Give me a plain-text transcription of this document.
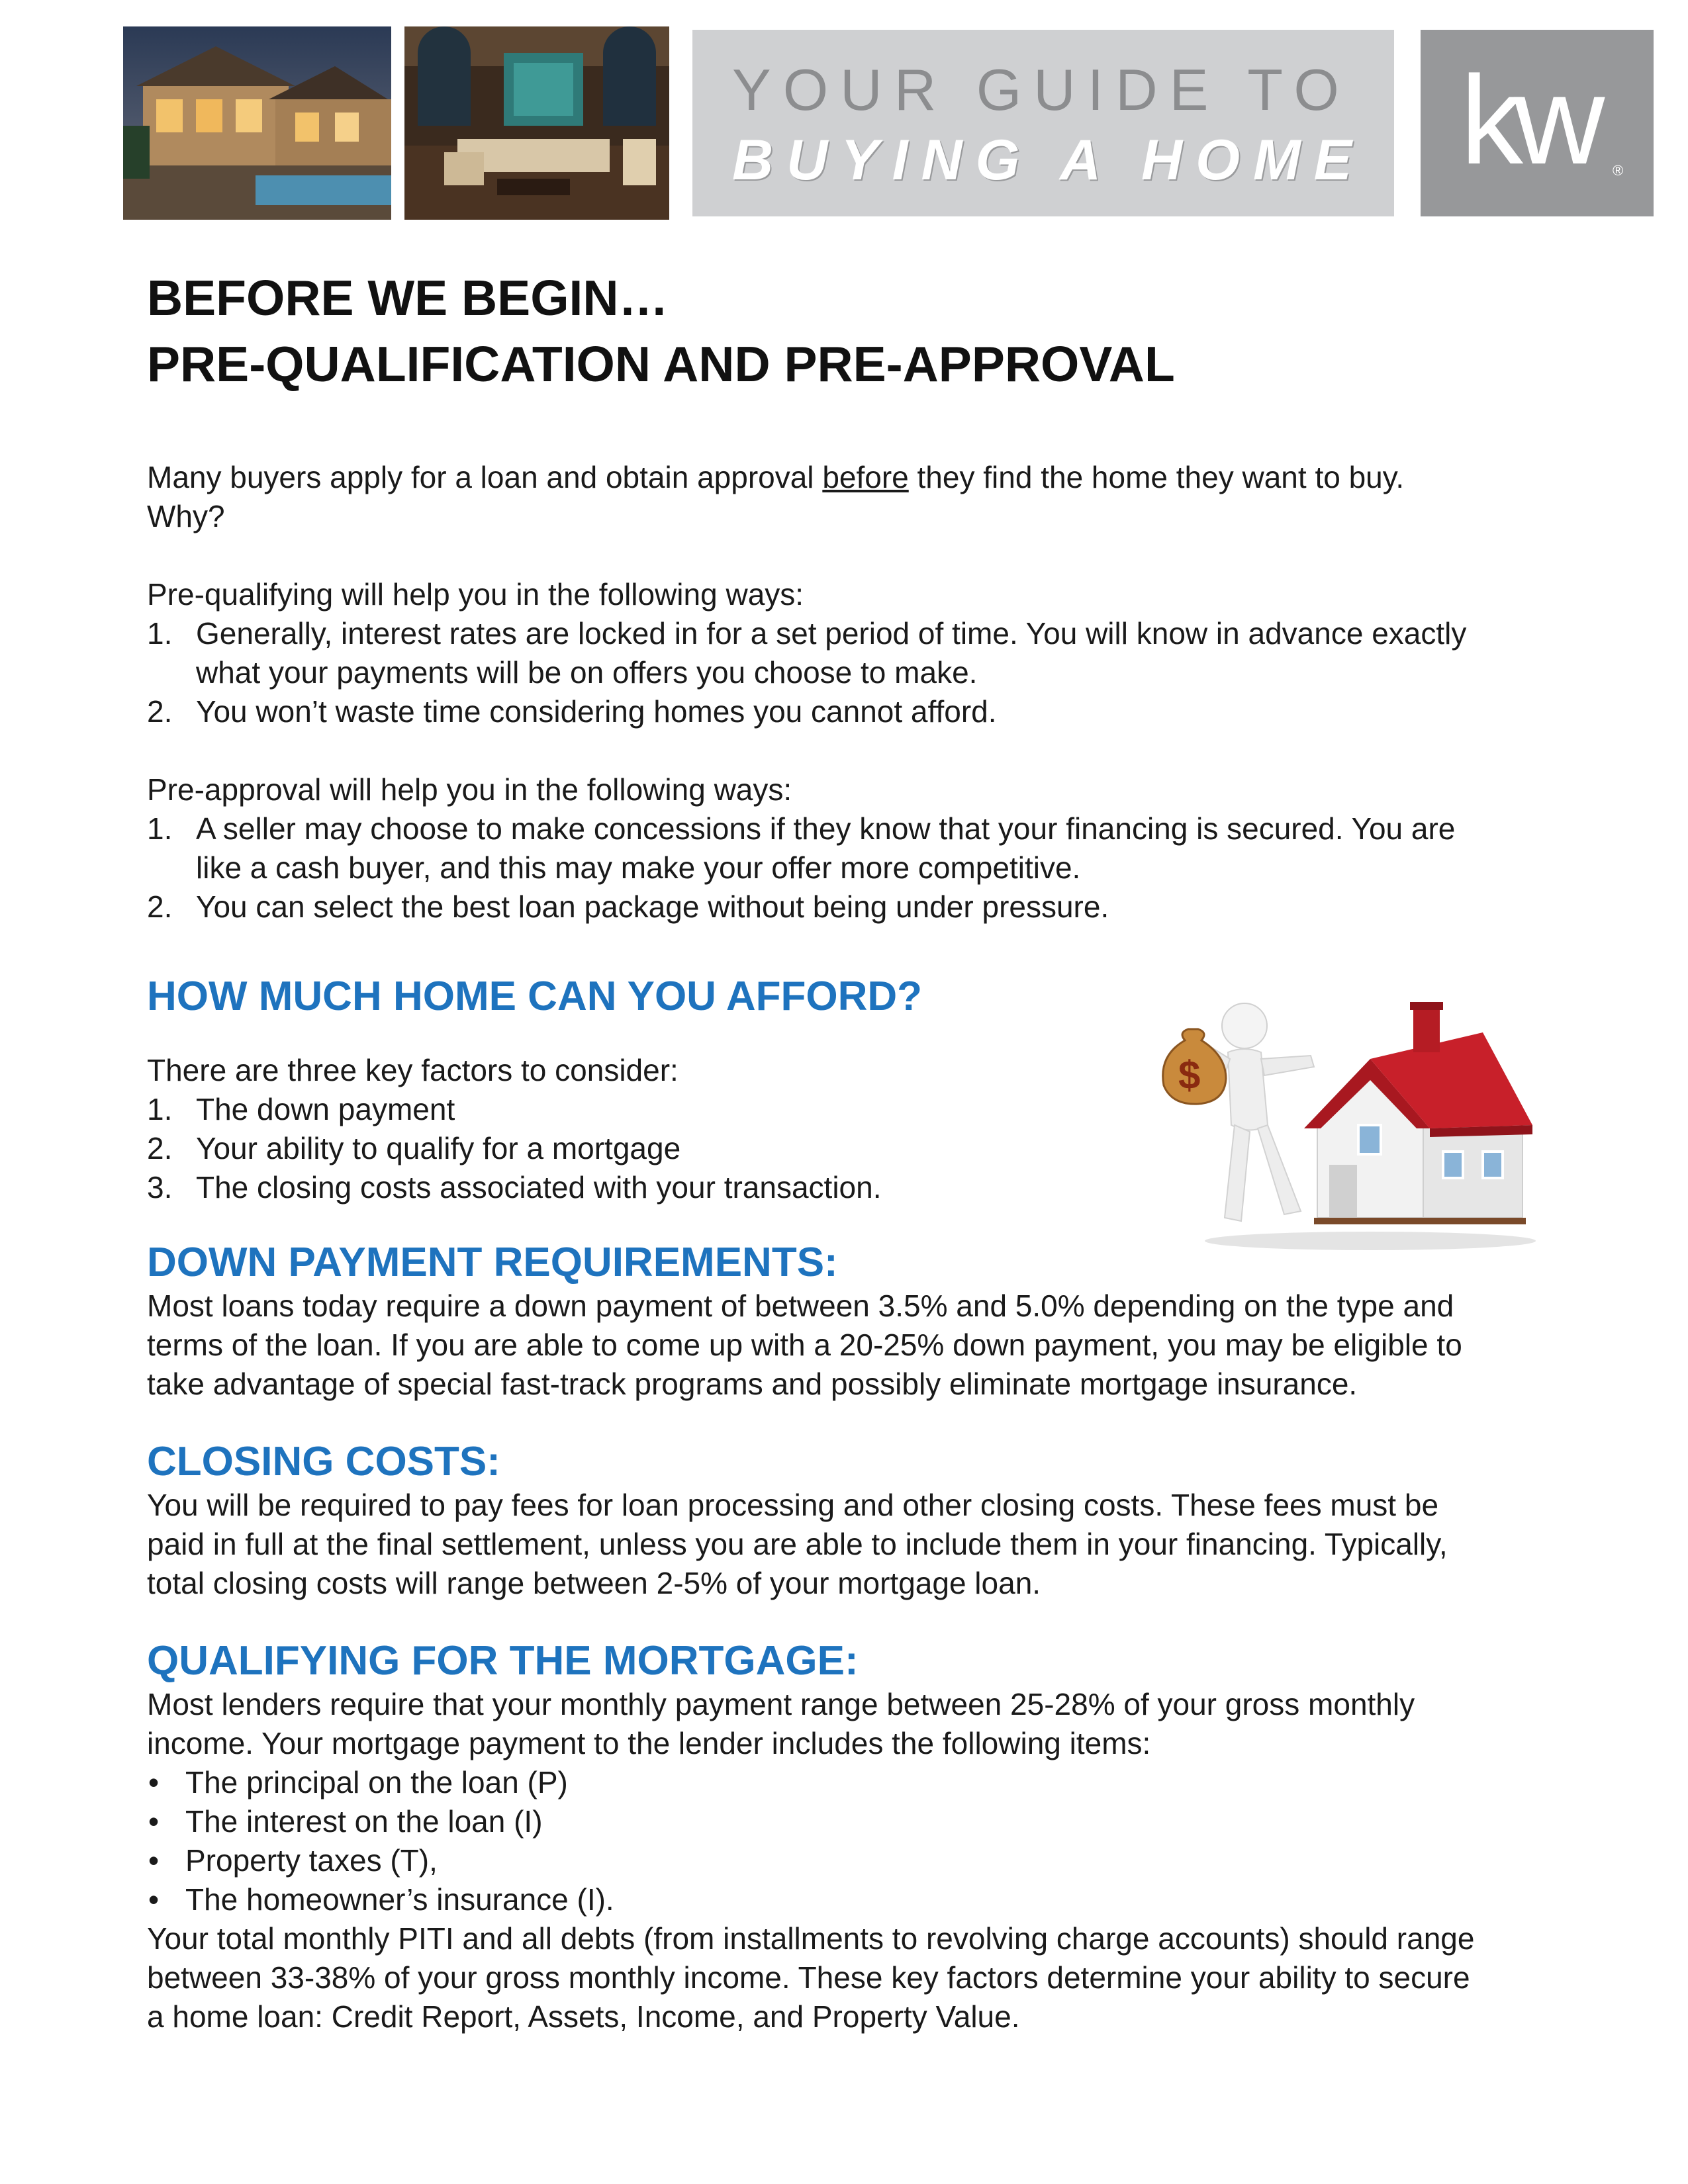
YOUR GUIDE TO
BUYING A HOME kw ®
BEFORE WE BEGIN…
PRE-QUALIFICATION AND PRE-APPROVAL

Many buyers apply for a loan and obtain approval before they find the home they want to buy.

Why?

Pre-qualifying will help you in the following ways:

1. Generally, interest rates are locked in for a set period of time. You will know in advance exactly
what your payments will be on offers you choose to make.
2. You won’t waste time considering homes you cannot afford.

Pre-approval will help you in the following ways:

1. A seller may choose to make concessions if they know that your financing is secured. You are
like a cash buyer, and this may make your offer more competitive.
2. You can select the best loan package without being under pressure.
HOW MUCH HOME CAN YOU AFFORD?

There are three key factors to consider:

1. The down payment
2. Your ability to qualify for a mortgage
3. The closing costs associated with your transaction.
DOWN PAYMENT REQUIREMENTS:

Most loans today require a down payment of between 3.5% and 5.0% depending on the type and

terms of the loan. If you are able to come up with a 20-25% down payment, you may be eligible to

take advantage of special fast-track programs and possibly eliminate mortgage insurance.

CLOSING COSTS:

You will be required to pay fees for loan processing and other closing costs. These fees must be

paid in full at the final settlement, unless you are able to include them in your financing. Typically,

total closing costs will range between 2-5% of your mortgage loan.

QUALIFYING FOR THE MORTGAGE:

Most lenders require that your monthly payment range between 25-28% of your gross monthly

income. Your mortgage payment to the lender includes the following items:

• The principal on the loan (P)
• The interest on the loan (I)
• Property taxes (T),
• The homeowner’s insurance (I).

Your total monthly PITI and all debts (from installments to revolving charge accounts) should range

between 33-38% of your gross monthly income. These key factors determine your ability to secure

a home loan: Credit Report, Assets, Income, and Property Value.

$
